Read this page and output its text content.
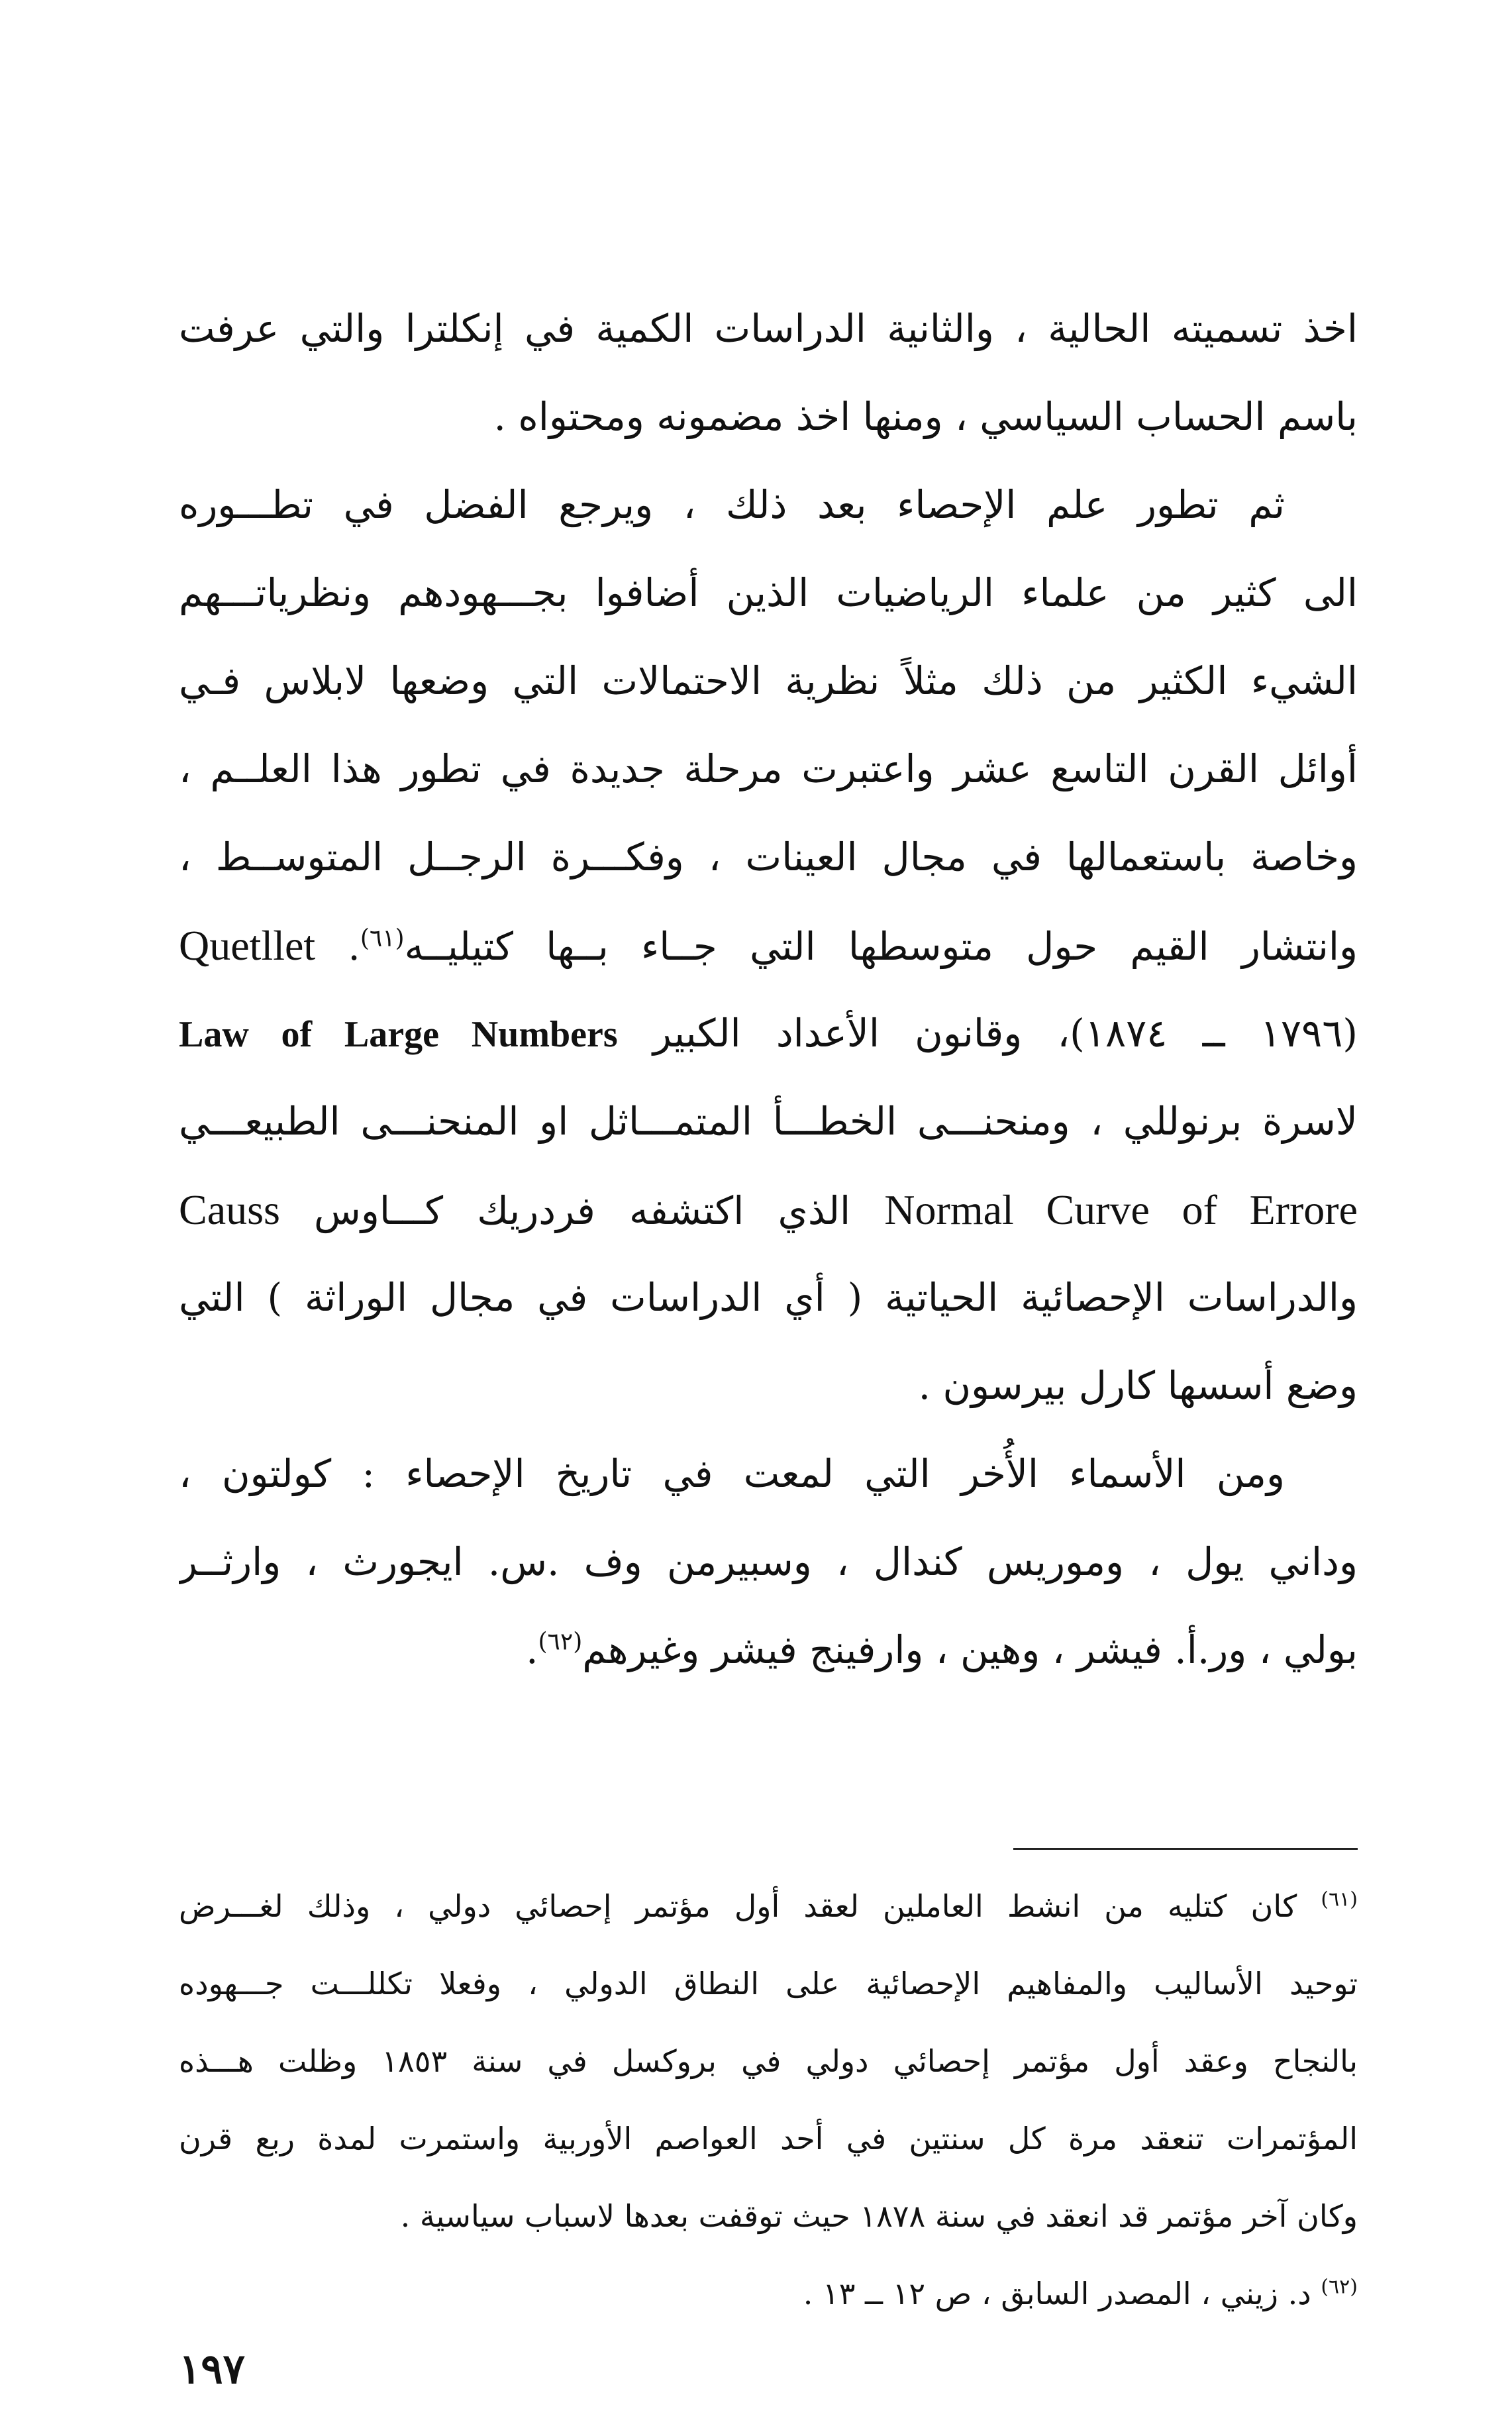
اخذ تسميته الحالية ، والثانية الدراسات الكمية في إنكلترا والتي عرفت
باسم الحساب السياسي ، ومنها اخذ مضمونه ومحتواه .
ثم تطور علم الإحصاء بعد ذلك ، ويرجع الفضل في تطـــوره
الى كثير من علماء الرياضيات الذين أضافوا بجـــهودهم ونظرياتـــهم
الشيء الكثير من ذلك مثلاً نظرية الاحتمالات التي وضعها لابلاس فـي
أوائل القرن التاسع عشر واعتبرت مرحلة جديدة في تطور هذا العلــم ،
وخاصة باستعمالها في مجال العينات ، وفكـــرة الرجــل المتوســط ،
وانتشار القيم حول متوسطها التي جــاء بــها كتيليــه$^{(٦١)}$. Quetllet
(١٧٩٦ ــ ١٨٧٤)، وقانون الأعداد الكبير Law of Large Numbers
لاسرة برنوللي ، ومنحنـــى الخطـــأ المتمـــاثل او المنحنـــى الطبيعـــي
Normal Curve of Errore الذي اكتشفه فردريك كـــاوس Causs
والدراسات الإحصائية الحياتية ( أي الدراسات في مجال الوراثة ) التي
وضع أسسها كارل بيرسون .
ومن الأسماء الأُخر التي لمعت في تاريخ الإحصاء : كولتون ،
وداني يول ، وموريس كندال ، وسبيرمن وف .س. ايجورث ، وارثــر
بولي ، ور.أ. فيشر ، وهين ، وارفينج فيشر وغيرهم$^{(٦٢)}$.
$^{(٦١)}$ كان كتليه من انشط العاملين لعقد أول مؤتمر إحصائي دولي ، وذلك لغـــرض
توحيد الأساليب والمفاهيم الإحصائية على النطاق الدولي ، وفعلا تكللـــت جـــهوده
بالنجاح وعقد أول مؤتمر إحصائي دولي في بروكسل في سنة ١٨٥٣ وظلت هـــذه
المؤتمرات تنعقد مرة كل سنتين في أحد العواصم الأوربية واستمرت لمدة ربع قرن
وكان آخر مؤتمر قد انعقد في سنة ١٨٧٨ حيث توقفت بعدها لاسباب سياسية .
$^{(٦٢)}$ د. زيني ، المصدر السابق ، ص ١٢ ــ ١٣ .
١٩٧
